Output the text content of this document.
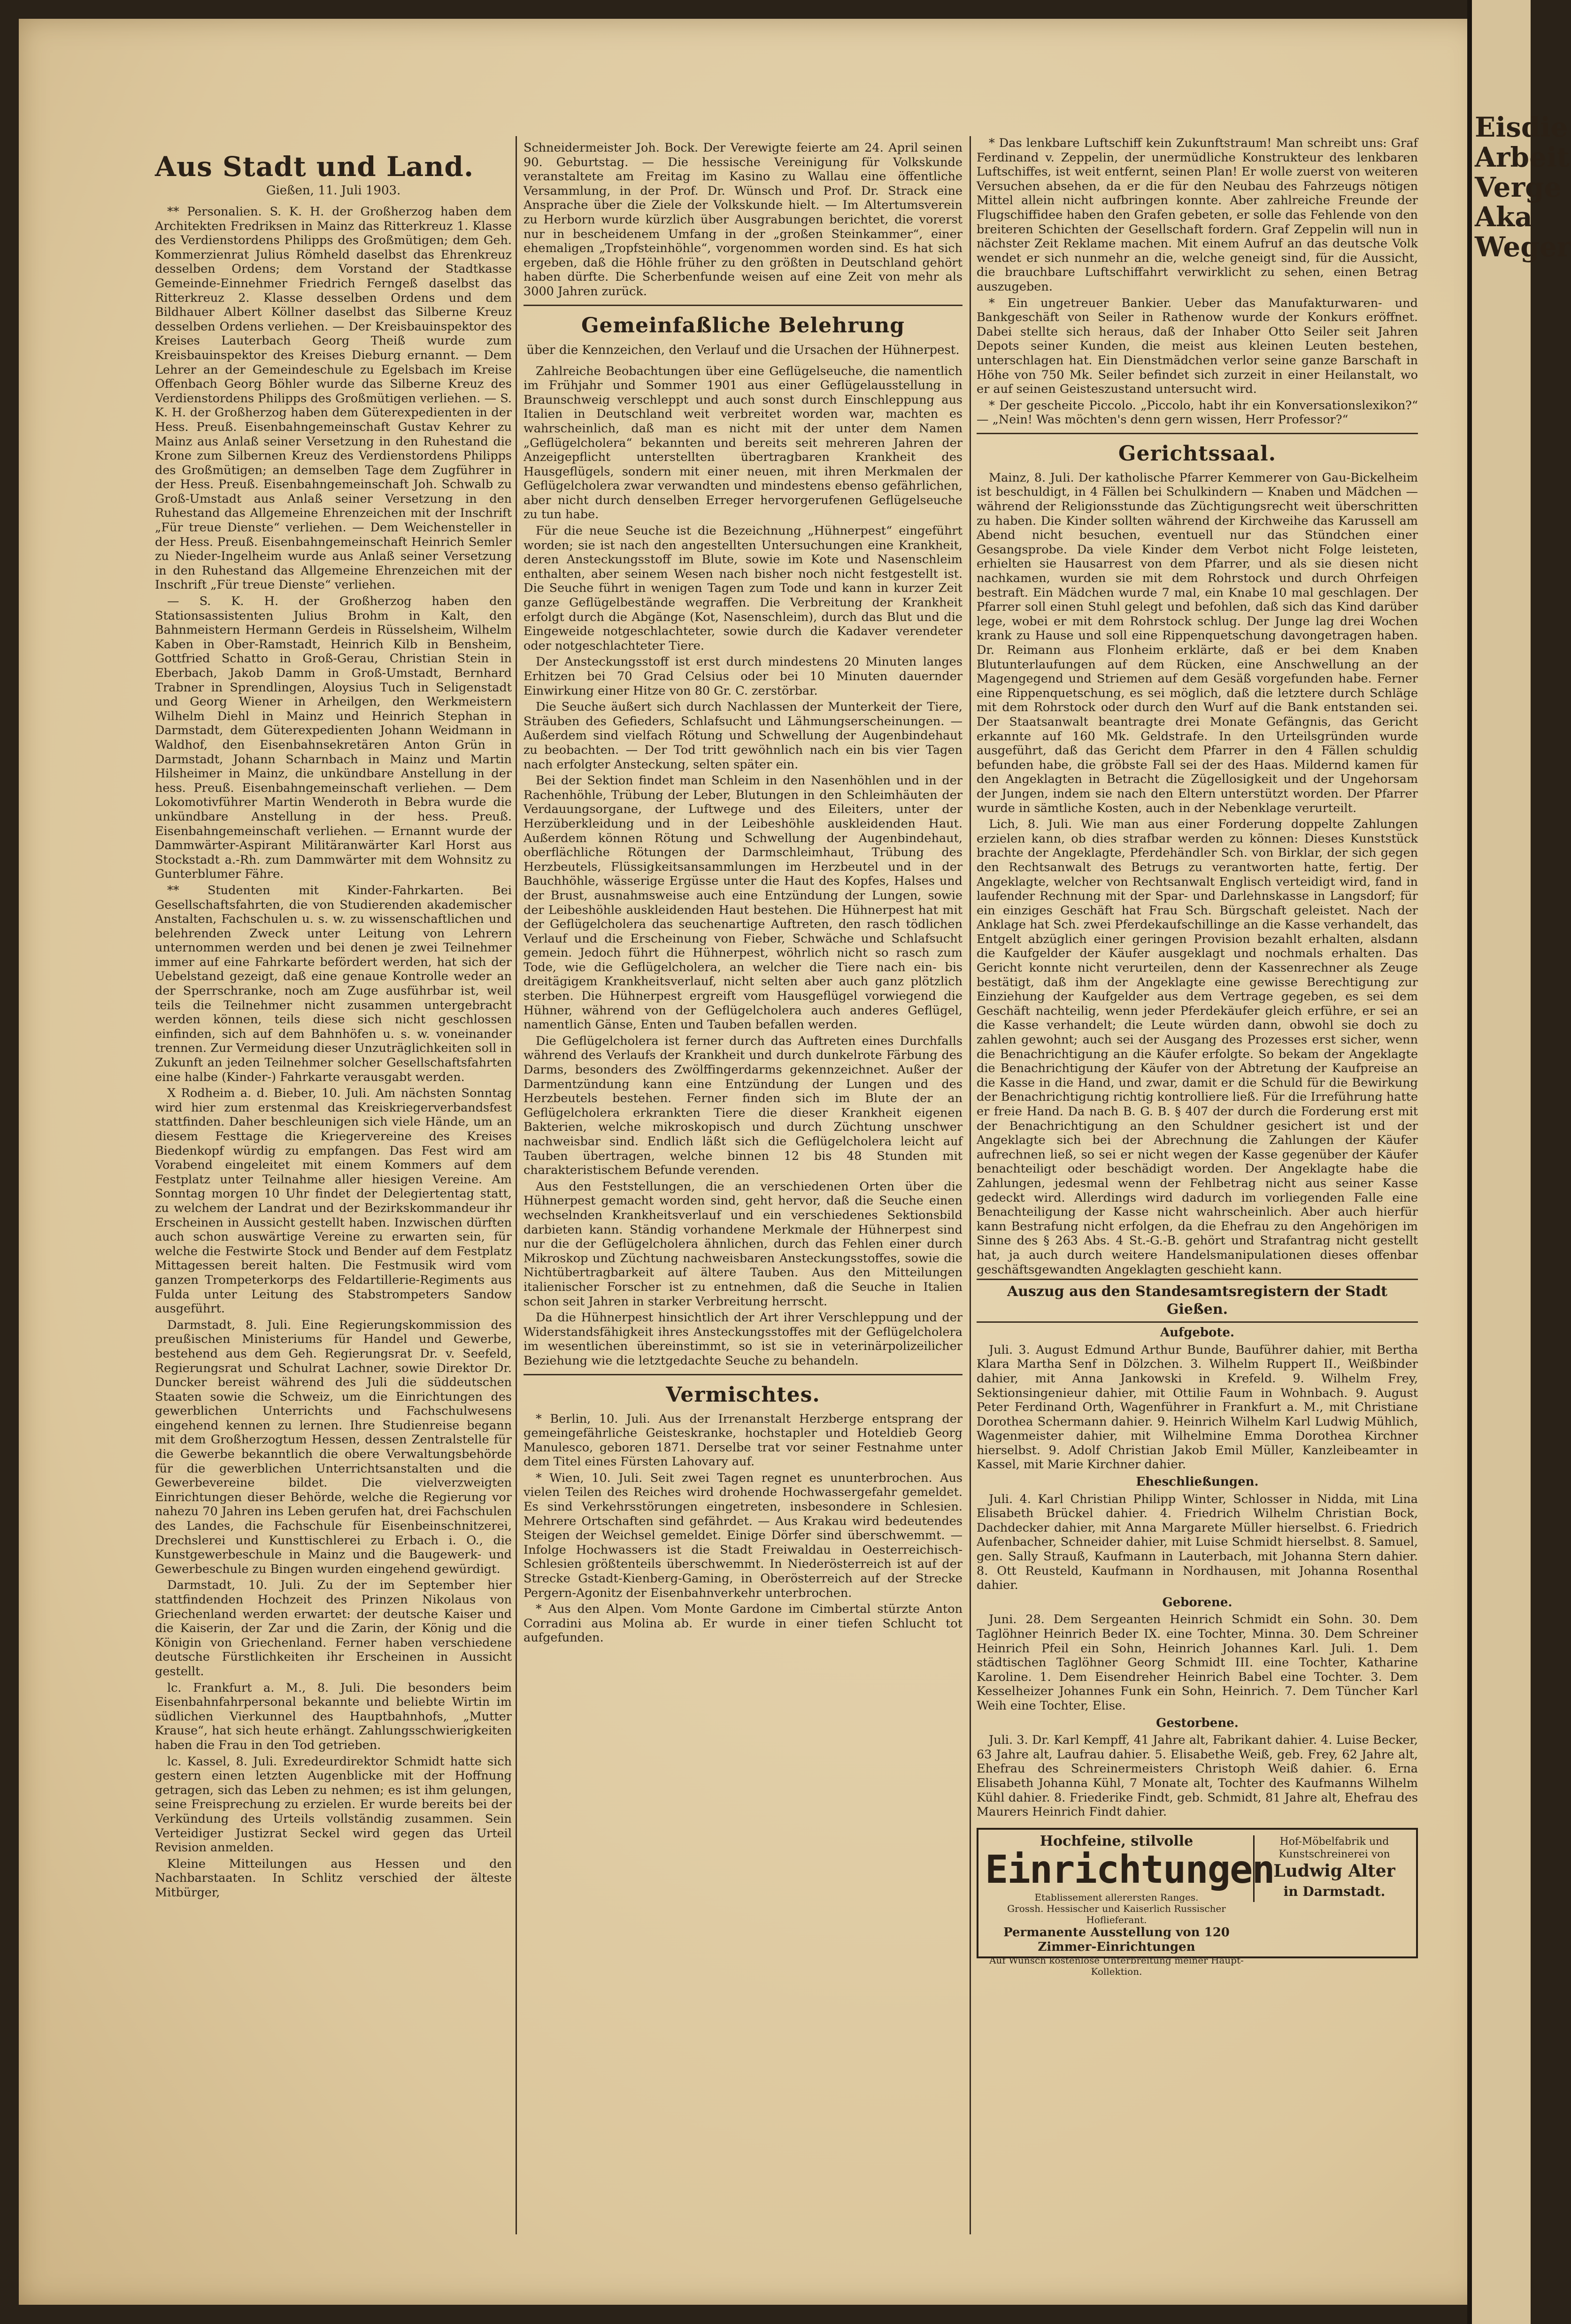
Aus Stadt und Land.
Gießen, 11. Juli 1903.

** Personalien. S. K. H. der Großherzog haben dem Architekten Fredriksen in Mainz das Ritterkreuz 1. Klasse des Verdienstordens Philipps des Großmütigen; dem Geh. Kommerzienrat Julius Römheld daselbst das Ehrenkreuz desselben Ordens; dem Vorstand der Stadtkasse Gemeinde-Einnehmer Friedrich Ferngeß daselbst das Ritterkreuz 2. Klasse desselben Ordens und dem Bildhauer Albert Köllner daselbst das Silberne Kreuz desselben Ordens verliehen. — Der Kreisbauinspektor des Kreises Lauterbach Georg Theiß wurde zum Kreisbauinspektor des Kreises Dieburg ernannt. — Dem Lehrer an der Gemeindeschule zu Egelsbach im Kreise Offenbach Georg Böhler wurde das Silberne Kreuz des Verdienstordens Philipps des Großmütigen verliehen. — S. K. H. der Großherzog haben dem Güterexpedienten in der Hess. Preuß. Eisenbahngemeinschaft Gustav Kehrer zu Mainz aus Anlaß seiner Versetzung in den Ruhestand die Krone zum Silbernen Kreuz des Verdienstordens Philipps des Großmütigen; an demselben Tage dem Zugführer in der Hess. Preuß. Eisenbahngemeinschaft Joh. Schwalb zu Groß-Umstadt aus Anlaß seiner Versetzung in den Ruhestand das Allgemeine Ehrenzeichen mit der Inschrift „Für treue Dienste“ verliehen. — Dem Weichensteller in der Hess. Preuß. Eisenbahngemeinschaft Heinrich Semler zu Nieder-Ingelheim wurde aus Anlaß seiner Versetzung in den Ruhestand das Allgemeine Ehrenzeichen mit der Inschrift „Für treue Dienste“ verliehen.

— S. K. H. der Großherzog haben den Stationsassistenten Julius Brohm in Kalt, den Bahnmeistern Hermann Gerdeis in Rüsselsheim, Wilhelm Kaben in Ober-Ramstadt, Heinrich Kilb in Bensheim, Gottfried Schatto in Groß-Gerau, Christian Stein in Eberbach, Jakob Damm in Groß-Umstadt, Bernhard Trabner in Sprendlingen, Aloysius Tuch in Seligenstadt und Georg Wiener in Arheilgen, den Werkmeistern Wilhelm Diehl in Mainz und Heinrich Stephan in Darmstadt, dem Güterexpedienten Johann Weidmann in Waldhof, den Eisenbahnsekretären Anton Grün in Darmstadt, Johann Scharnbach in Mainz und Martin Hilsheimer in Mainz, die unkündbare Anstellung in der hess. Preuß. Eisenbahngemeinschaft verliehen. — Dem Lokomotivführer Martin Wenderoth in Bebra wurde die unkündbare Anstellung in der hess. Preuß. Eisenbahngemeinschaft verliehen. — Ernannt wurde der Dammwärter-Aspirant Militäranwärter Karl Horst aus Stockstadt a.-Rh. zum Dammwärter mit dem Wohnsitz zu Gunterblumer Fähre.

** Studenten mit Kinder-Fahrkarten. Bei Gesellschaftsfahrten, die von Studierenden akademischer Anstalten, Fachschulen u. s. w. zu wissenschaftlichen und belehrenden Zweck unter Leitung von Lehrern unternommen werden und bei denen je zwei Teilnehmer immer auf eine Fahrkarte befördert werden, hat sich der Uebelstand gezeigt, daß eine genaue Kontrolle weder an der Sperrschranke, noch am Zuge ausführbar ist, weil teils die Teilnehmer nicht zusammen untergebracht werden können, teils diese sich nicht geschlossen einfinden, sich auf dem Bahnhöfen u. s. w. voneinander trennen. Zur Vermeidung dieser Unzuträglichkeiten soll in Zukunft an jeden Teilnehmer solcher Gesellschaftsfahrten eine halbe (Kinder-) Fahrkarte verausgabt werden.

X Rodheim a. d. Bieber, 10. Juli. Am nächsten Sonntag wird hier zum erstenmal das Kreiskriegerverbandsfest stattfinden. Daher beschleunigen sich viele Hände, um an diesem Festtage die Kriegervereine des Kreises Biedenkopf würdig zu empfangen. Das Fest wird am Vorabend eingeleitet mit einem Kommers auf dem Festplatz unter Teilnahme aller hiesigen Vereine. Am Sonntag morgen 10 Uhr findet der Delegiertentag statt, zu welchem der Landrat und der Bezirkskommandeur ihr Erscheinen in Aussicht gestellt haben. Inzwischen dürften auch schon auswärtige Vereine zu erwarten sein, für welche die Festwirte Stock und Bender auf dem Festplatz Mittagessen bereit halten. Die Festmusik wird vom ganzen Trompeterkorps des Feldartillerie-Regiments aus Fulda unter Leitung des Stabstrompeters Sandow ausgeführt.

Darmstadt, 8. Juli. Eine Regierungskommission des preußischen Ministeriums für Handel und Gewerbe, bestehend aus dem Geh. Regierungsrat Dr. v. Seefeld, Regierungsrat und Schulrat Lachner, sowie Direktor Dr. Duncker bereist während des Juli die süddeutschen Staaten sowie die Schweiz, um die Einrichtungen des gewerblichen Unterrichts und Fachschulwesens eingehend kennen zu lernen. Ihre Studienreise begann mit dem Großherzogtum Hessen, dessen Zentralstelle für die Gewerbe bekanntlich die obere Verwaltungsbehörde für die gewerblichen Unterrichtsanstalten und die Gewerbevereine bildet. Die vielverzweigten Einrichtungen dieser Behörde, welche die Regierung vor nahezu 70 Jahren ins Leben gerufen hat, drei Fachschulen des Landes, die Fachschule für Eisenbeinschnitzerei, Drechslerei und Kunsttischlerei zu Erbach i. O., die Kunstgewerbeschule in Mainz und die Baugewerk- und Gewerbeschule zu Bingen wurden eingehend gewürdigt.

Darmstadt, 10. Juli. Zu der im September hier stattfindenden Hochzeit des Prinzen Nikolaus von Griechenland werden erwartet: der deutsche Kaiser und die Kaiserin, der Zar und die Zarin, der König und die Königin von Griechenland. Ferner haben verschiedene deutsche Fürstlichkeiten ihr Erscheinen in Aussicht gestellt.

lc. Frankfurt a. M., 8. Juli. Die besonders beim Eisenbahnfahrpersonal bekannte und beliebte Wirtin im südlichen Vierkunnel des Hauptbahnhofs, „Mutter Krause“, hat sich heute erhängt. Zahlungsschwierigkeiten haben die Frau in den Tod getrieben.

lc. Kassel, 8. Juli. Exredeurdirektor Schmidt hatte sich gestern einen letzten Augenblicke mit der Hoffnung getragen, sich das Leben zu nehmen; es ist ihm gelungen, seine Freisprechung zu erzielen. Er wurde bereits bei der Verkündung des Urteils vollständig zusammen. Sein Verteidiger Justizrat Seckel wird gegen das Urteil Revision anmelden.

Kleine Mitteilungen aus Hessen und den Nachbarstaaten. In Schlitz verschied der älteste Mitbürger,

Schneidermeister Joh. Bock. Der Verewigte feierte am 24. April seinen 90. Geburtstag. — Die hessische Vereinigung für Volkskunde veranstaltete am Freitag im Kasino zu Wallau eine öffentliche Versammlung, in der Prof. Dr. Wünsch und Prof. Dr. Strack eine Ansprache über die Ziele der Volkskunde hielt. — Im Altertumsverein zu Herborn wurde kürzlich über Ausgrabungen berichtet, die vorerst nur in bescheidenem Umfang in der „großen Steinkammer“, einer ehemaligen „Tropfsteinhöhle“, vorgenommen worden sind. Es hat sich ergeben, daß die Höhle früher zu den größten in Deutschland gehört haben dürfte. Die Scherbenfunde weisen auf eine Zeit von mehr als 3000 Jahren zurück.

Gemeinfaßliche Belehrung
über die Kennzeichen, den Verlauf und die Ursachen der Hühnerpest.

Zahlreiche Beobachtungen über eine Geflügelseuche, die namentlich im Frühjahr und Sommer 1901 aus einer Geflügelausstellung in Braunschweig verschleppt und auch sonst durch Einschleppung aus Italien in Deutschland weit verbreitet worden war, machten es wahrscheinlich, daß man es nicht mit der unter dem Namen „Geflügelcholera“ bekannten und bereits seit mehreren Jahren der Anzeigepflicht unterstellten übertragbaren Krankheit des Hausgeflügels, sondern mit einer neuen, mit ihren Merkmalen der Geflügelcholera zwar verwandten und mindestens ebenso gefährlichen, aber nicht durch denselben Erreger hervorgerufenen Geflügelseuche zu tun habe.

Für die neue Seuche ist die Bezeichnung „Hühnerpest“ eingeführt worden; sie ist nach den angestellten Untersuchungen eine Krankheit, deren Ansteckungsstoff im Blute, sowie im Kote und Nasenschleim enthalten, aber seinem Wesen nach bisher noch nicht festgestellt ist. Die Seuche führt in wenigen Tagen zum Tode und kann in kurzer Zeit ganze Geflügelbestände wegraffen. Die Verbreitung der Krankheit erfolgt durch die Abgänge (Kot, Nasenschleim), durch das Blut und die Eingeweide notgeschlachteter, sowie durch die Kadaver verendeter oder notgeschlachteter Tiere.

Der Ansteckungsstoff ist erst durch mindestens 20 Minuten langes Erhitzen bei 70 Grad Celsius oder bei 10 Minuten dauernder Einwirkung einer Hitze von 80 Gr. C. zerstörbar.

Die Seuche äußert sich durch Nachlassen der Munterkeit der Tiere, Sträuben des Gefieders, Schlafsucht und Lähmungserscheinungen. — Außerdem sind vielfach Rötung und Schwellung der Augenbindehaut zu beobachten. — Der Tod tritt gewöhnlich nach ein bis vier Tagen nach erfolgter Ansteckung, selten später ein.

Bei der Sektion findet man Schleim in den Nasenhöhlen und in der Rachenhöhle, Trübung der Leber, Blutungen in den Schleimhäuten der Verdauungsorgane, der Luftwege und des Eileiters, unter der Herzüberkleidung und in der Leibeshöhle auskleidenden Haut. Außerdem können Rötung und Schwellung der Augenbindehaut, oberflächliche Rötungen der Darmschleimhaut, Trübung des Herzbeutels, Flüssigkeitsansammlungen im Herzbeutel und in der Bauchhöhle, wässerige Ergüsse unter die Haut des Kopfes, Halses und der Brust, ausnahmsweise auch eine Entzündung der Lungen, sowie der Leibeshöhle auskleidenden Haut bestehen. Die Hühnerpest hat mit der Geflügelcholera das seuchenartige Auftreten, den rasch tödlichen Verlauf und die Erscheinung von Fieber, Schwäche und Schlafsucht gemein. Jedoch führt die Hühnerpest, wöhrlich nicht so rasch zum Tode, wie die Geflügelcholera, an welcher die Tiere nach ein- bis dreitägigem Krankheitsverlauf, nicht selten aber auch ganz plötzlich sterben. Die Hühnerpest ergreift vom Hausgeflügel vorwiegend die Hühner, während von der Geflügelcholera auch anderes Geflügel, namentlich Gänse, Enten und Tauben befallen werden.

Die Geflügelcholera ist ferner durch das Auftreten eines Durchfalls während des Verlaufs der Krankheit und durch dunkelrote Färbung des Darms, besonders des Zwölffingerdarms gekennzeichnet. Außer der Darmentzündung kann eine Entzündung der Lungen und des Herzbeutels bestehen. Ferner finden sich im Blute der an Geflügelcholera erkrankten Tiere die dieser Krankheit eigenen Bakterien, welche mikroskopisch und durch Züchtung unschwer nachweisbar sind. Endlich läßt sich die Geflügelcholera leicht auf Tauben übertragen, welche binnen 12 bis 48 Stunden mit charakteristischem Befunde verenden.

Aus den Feststellungen, die an verschiedenen Orten über die Hühnerpest gemacht worden sind, geht hervor, daß die Seuche einen wechselnden Krankheitsverlauf und ein verschiedenes Sektionsbild darbieten kann. Ständig vorhandene Merkmale der Hühnerpest sind nur die der Geflügelcholera ähnlichen, durch das Fehlen einer durch Mikroskop und Züchtung nachweisbaren Ansteckungsstoffes, sowie die Nichtübertragbarkeit auf ältere Tauben. Aus den Mitteilungen italienischer Forscher ist zu entnehmen, daß die Seuche in Italien schon seit Jahren in starker Verbreitung herrscht.

Da die Hühnerpest hinsichtlich der Art ihrer Verschleppung und der Widerstandsfähigkeit ihres Ansteckungsstoffes mit der Geflügelcholera im wesentlichen übereinstimmt, so ist sie in veterinärpolizeilicher Beziehung wie die letztgedachte Seuche zu behandeln.

Vermischtes.

* Berlin, 10. Juli. Aus der Irrenanstalt Herzberge entsprang der gemeingefährliche Geisteskranke, hochstapler und Hoteldieb Georg Manulesco, geboren 1871. Derselbe trat vor seiner Festnahme unter dem Titel eines Fürsten Lahovary auf.

* Wien, 10. Juli. Seit zwei Tagen regnet es ununterbrochen. Aus vielen Teilen des Reiches wird drohende Hochwassergefahr gemeldet. Es sind Verkehrsstörungen eingetreten, insbesondere in Schlesien. Mehrere Ortschaften sind gefährdet. — Aus Krakau wird bedeutendes Steigen der Weichsel gemeldet. Einige Dörfer sind überschwemmt. — Infolge Hochwassers ist die Stadt Freiwaldau in Oesterreichisch-Schlesien größtenteils überschwemmt. In Niederösterreich ist auf der Strecke Gstadt-Kienberg-Gaming, in Oberösterreich auf der Strecke Pergern-Agonitz der Eisenbahnverkehr unterbrochen.

* Aus den Alpen. Vom Monte Gardone im Cimbertal stürzte Anton Corradini aus Molina ab. Er wurde in einer tiefen Schlucht tot aufgefunden.

* Das lenkbare Luftschiff kein Zukunftstraum! Man schreibt uns: Graf Ferdinand v. Zeppelin, der unermüdliche Konstrukteur des lenkbaren Luftschiffes, ist weit entfernt, seinen Plan! Er wolle zuerst von weiteren Versuchen absehen, da er die für den Neubau des Fahrzeugs nötigen Mittel allein nicht aufbringen konnte. Aber zahlreiche Freunde der Flugschiffidee haben den Grafen gebeten, er solle das Fehlende von den breiteren Schichten der Gesellschaft fordern. Graf Zeppelin will nun in nächster Zeit Reklame machen. Mit einem Aufruf an das deutsche Volk wendet er sich nunmehr an die, welche geneigt sind, für die Aussicht, die brauchbare Luftschiffahrt verwirklicht zu sehen, einen Betrag auszugeben.

* Ein ungetreuer Bankier. Ueber das Manufakturwaren- und Bankgeschäft von Seiler in Rathenow wurde der Konkurs eröffnet. Dabei stellte sich heraus, daß der Inhaber Otto Seiler seit Jahren Depots seiner Kunden, die meist aus kleinen Leuten bestehen, unterschlagen hat. Ein Dienstmädchen verlor seine ganze Barschaft in Höhe von 750 Mk. Seiler befindet sich zurzeit in einer Heilanstalt, wo er auf seinen Geisteszustand untersucht wird.

* Der gescheite Piccolo. „Piccolo, habt ihr ein Konversationslexikon?“ — „Nein! Was möchten's denn gern wissen, Herr Professor?“

Gerichtssaal.

Mainz, 8. Juli. Der katholische Pfarrer Kemmerer von Gau-Bickelheim ist beschuldigt, in 4 Fällen bei Schulkindern — Knaben und Mädchen — während der Religionsstunde das Züchtigungsrecht weit überschritten zu haben. Die Kinder sollten während der Kirchweihe das Karussell am Abend nicht besuchen, eventuell nur das Stündchen einer Gesangsprobe. Da viele Kinder dem Verbot nicht Folge leisteten, erhielten sie Hausarrest von dem Pfarrer, und als sie diesen nicht nachkamen, wurden sie mit dem Rohrstock und durch Ohrfeigen bestraft. Ein Mädchen wurde 7 mal, ein Knabe 10 mal geschlagen. Der Pfarrer soll einen Stuhl gelegt und befohlen, daß sich das Kind darüber lege, wobei er mit dem Rohrstock schlug. Der Junge lag drei Wochen krank zu Hause und soll eine Rippenquetschung davongetragen haben. Dr. Reimann aus Flonheim erklärte, daß er bei dem Knaben Blutunterlaufungen auf dem Rücken, eine Anschwellung an der Magengegend und Striemen auf dem Gesäß vorgefunden habe. Ferner eine Rippenquetschung, es sei möglich, daß die letztere durch Schläge mit dem Rohrstock oder durch den Wurf auf die Bank entstanden sei. Der Staatsanwalt beantragte drei Monate Gefängnis, das Gericht erkannte auf 160 Mk. Geldstrafe. In den Urteilsgründen wurde ausgeführt, daß das Gericht dem Pfarrer in den 4 Fällen schuldig befunden habe, die gröbste Fall sei der des Haas. Mildernd kamen für den Angeklagten in Betracht die Zügellosigkeit und der Ungehorsam der Jungen, indem sie nach den Eltern unterstützt worden. Der Pfarrer wurde in sämtliche Kosten, auch in der Nebenklage verurteilt.

Lich, 8. Juli. Wie man aus einer Forderung doppelte Zahlungen erzielen kann, ob dies strafbar werden zu können: Dieses Kunststück brachte der Angeklagte, Pferdehändler Sch. von Birklar, der sich gegen den Rechtsanwalt des Betrugs zu verantworten hatte, fertig. Der Angeklagte, welcher von Rechtsanwalt Englisch verteidigt wird, fand in laufender Rechnung mit der Spar- und Darlehnskasse in Langsdorf; für ein einziges Geschäft hat Frau Sch. Bürgschaft geleistet. Nach der Anklage hat Sch. zwei Pferdekaufschillinge an die Kasse verhandelt, das Entgelt abzüglich einer geringen Provision bezahlt erhalten, alsdann die Kaufgelder der Käufer ausgeklagt und nochmals erhalten. Das Gericht konnte nicht verurteilen, denn der Kassenrechner als Zeuge bestätigt, daß ihm der Angeklagte eine gewisse Berechtigung zur Einziehung der Kaufgelder aus dem Vertrage gegeben, es sei dem Geschäft nachteilig, wenn jeder Pferdekäufer gleich erführe, er sei an die Kasse verhandelt; die Leute würden dann, obwohl sie doch zu zahlen gewohnt; auch sei der Ausgang des Prozesses erst sicher, wenn die Benachrichtigung an die Käufer erfolgte. So bekam der Angeklagte die Benachrichtigung der Käufer von der Abtretung der Kaufpreise an die Kasse in die Hand, und zwar, damit er die Schuld für die Bewirkung der Benachrichtigung richtig kontrolliere ließ. Für die Irreführung hatte er freie Hand. Da nach B. G. B. § 407 der durch die Forderung erst mit der Benachrichtigung an den Schuldner gesichert ist und der Angeklagte sich bei der Abrechnung die Zahlungen der Käufer aufrechnen ließ, so sei er nicht wegen der Kasse gegenüber der Käufer benachteiligt oder beschädigt worden. Der Angeklagte habe die Zahlungen, jedesmal wenn der Fehlbetrag nicht aus seiner Kasse gedeckt wird. Allerdings wird dadurch im vorliegenden Falle eine Benachteiligung der Kasse nicht wahrscheinlich. Aber auch hierfür kann Bestrafung nicht erfolgen, da die Ehefrau zu den Angehörigen im Sinne des § 263 Abs. 4 St.-G.-B. gehört und Strafantrag nicht gestellt hat, ja auch durch weitere Handelsmanipulationen dieses offenbar geschäftsgewandten Angeklagten geschieht kann.

Auszug aus den Standesamtsregistern der Stadt Gießen.
Aufgebote.

Juli. 3. August Edmund Arthur Bunde, Bauführer dahier, mit Bertha Klara Martha Senf in Dölzchen. 3. Wilhelm Ruppert II., Weißbinder dahier, mit Anna Jankowski in Krefeld. 9. Wilhelm Frey, Sektionsingenieur dahier, mit Ottilie Faum in Wohnbach. 9. August Peter Ferdinand Orth, Wagenführer in Frankfurt a. M., mit Christiane Dorothea Schermann dahier. 9. Heinrich Wilhelm Karl Ludwig Mühlich, Wagenmeister dahier, mit Wilhelmine Emma Dorothea Kirchner hierselbst. 9. Adolf Christian Jakob Emil Müller, Kanzleibeamter in Kassel, mit Marie Kirchner dahier.

Eheschließungen.

Juli. 4. Karl Christian Philipp Winter, Schlosser in Nidda, mit Lina Elisabeth Brückel dahier. 4. Friedrich Wilhelm Christian Bock, Dachdecker dahier, mit Anna Margarete Müller hierselbst. 6. Friedrich Aufenbacher, Schneider dahier, mit Luise Schmidt hierselbst. 8. Samuel, gen. Sally Strauß, Kaufmann in Lauterbach, mit Johanna Stern dahier. 8. Ott Reusteld, Kaufmann in Nordhausen, mit Johanna Rosenthal dahier.

Geborene.

Juni. 28. Dem Sergeanten Heinrich Schmidt ein Sohn. 30. Dem Taglöhner Heinrich Beder IX. eine Tochter, Minna. 30. Dem Schreiner Heinrich Pfeil ein Sohn, Heinrich Johannes Karl. Juli. 1. Dem städtischen Taglöhner Georg Schmidt III. eine Tochter, Katharine Karoline. 1. Dem Eisendreher Heinrich Babel eine Tochter. 3. Dem Kesselheizer Johannes Funk ein Sohn, Heinrich. 7. Dem Tüncher Karl Weih eine Tochter, Elise.

Gestorbene.

Juli. 3. Dr. Karl Kempff, 41 Jahre alt, Fabrikant dahier. 4. Luise Becker, 63 Jahre alt, Laufrau dahier. 5. Elisabethe Weiß, geb. Frey, 62 Jahre alt, Ehefrau des Schreinermeisters Christoph Weiß dahier. 6. Erna Elisabeth Johanna Kühl, 7 Monate alt, Tochter des Kaufmanns Wilhelm Kühl dahier. 8. Friederike Findt, geb. Schmidt, 81 Jahre alt, Ehefrau des Maurers Heinrich Findt dahier.

Hochfeine, stilvolle
Einrichtungen
Etablissement allerersten Ranges.
Grossh. Hessischer und Kaiserlich Russischer Hoflieferant.
Permanente Ausstellung von 120 Zimmer-Einrichtungen
Auf Wunsch kostenlose Unterbreitung meiner Haupt-Kollektion.
Hof-Möbelfabrik und
Kunstschreinerei von
Ludwig Alter
in Darmstadt.
Eisdie Arbeit Verge Aka Weger
